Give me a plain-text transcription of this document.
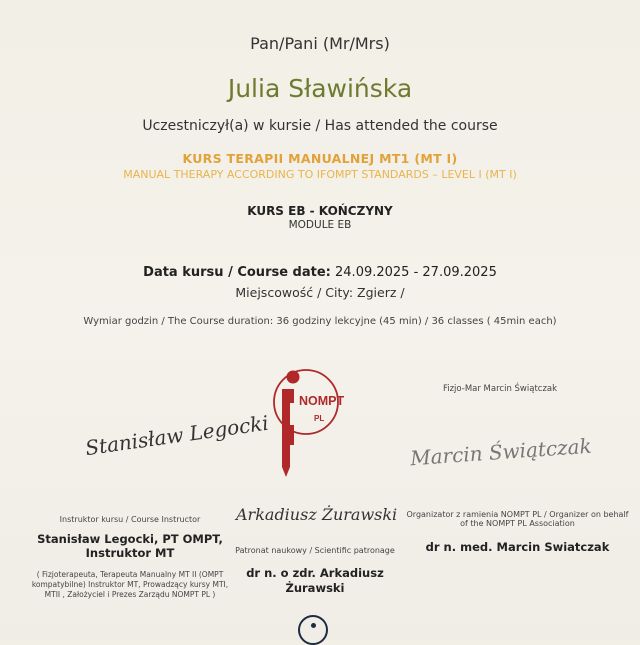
Pan/Pani (Mr/Mrs)
Julia Sławińska
Uczestniczył(a) w kursie / Has attended the course
KURS TERAPII MANUALNEJ MT1 (MT I)
MANUAL THERAPY ACCORDING TO IFOMPT STANDARDS – LEVEL I (MT I)
KURS EB - KOŃCZYNY
MODULE EB
Data kursu / Course date: 24.09.2025 - 27.09.2025
Miejscowość / City: Zgierz /
Wymiar godzin / The Course duration: 36 godziny lekcyjne (45 min) / 36 classes ( 45min each)
NOMPT
PL
Fizjo-Mar Marcin Świątczak
Stanisław Legocki
Arkadiusz Żurawski
Marcin Świątczak
Instruktor kursu / Course Instructor
Stanisław Legocki, PT OMPT, Instruktor MT
( Fizjoterapeuta, Terapeuta Manualny MT II (OMPT kompatybilne) Instruktor MT, Prowadzący kursy MTI, MTII , Założyciel i Prezes Zarządu NOMPT PL )
Patronat naukowy / Scientific patronage
dr n. o zdr. Arkadiusz Żurawski
Organizator z ramienia NOMPT PL / Organizer on behalf of the NOMPT PL Association
dr n. med. Marcin Swiatczak
